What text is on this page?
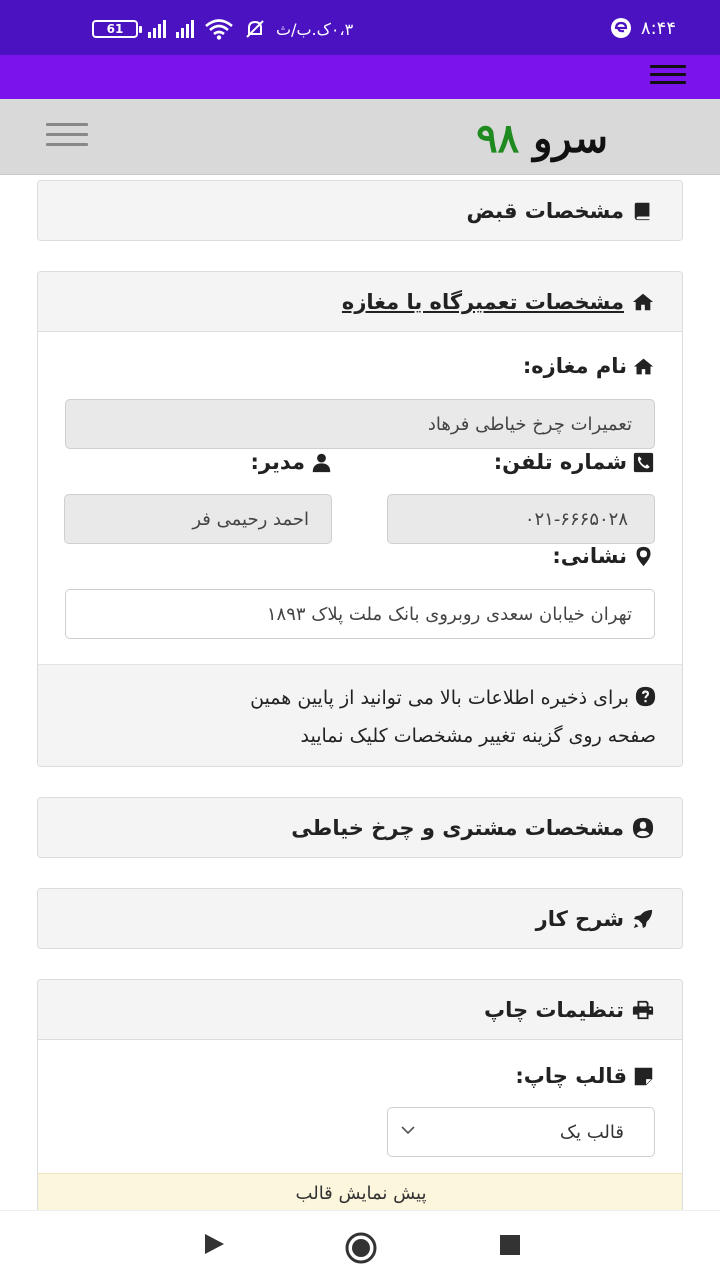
61	۰،۳ک.ب/ث	۸:۴۴
سرو ۹۸
مشخصات قبض
مشخصات تعمیرگاه یا مغازه
نام مغازه:
تعمیرات چرخ خیاطی فرهاد
شماره تلفن:
مدیر:
۰۲۱-۶۶۶۵۰۲۸
احمد رحیمی فر
نشانی:
تهران خیابان سعدی روبروی بانک ملت پلاک ۱۸۹۳
برای ذخیره اطلاعات بالا می توانید از پایین همین
صفحه روی گزینه تغییر مشخصات کلیک نمایید
مشخصات مشتری و چرخ خیاطی
شرح کار
تنظیمات چاپ
قالب چاپ:
قالب یک
پیش نمایش قالب
